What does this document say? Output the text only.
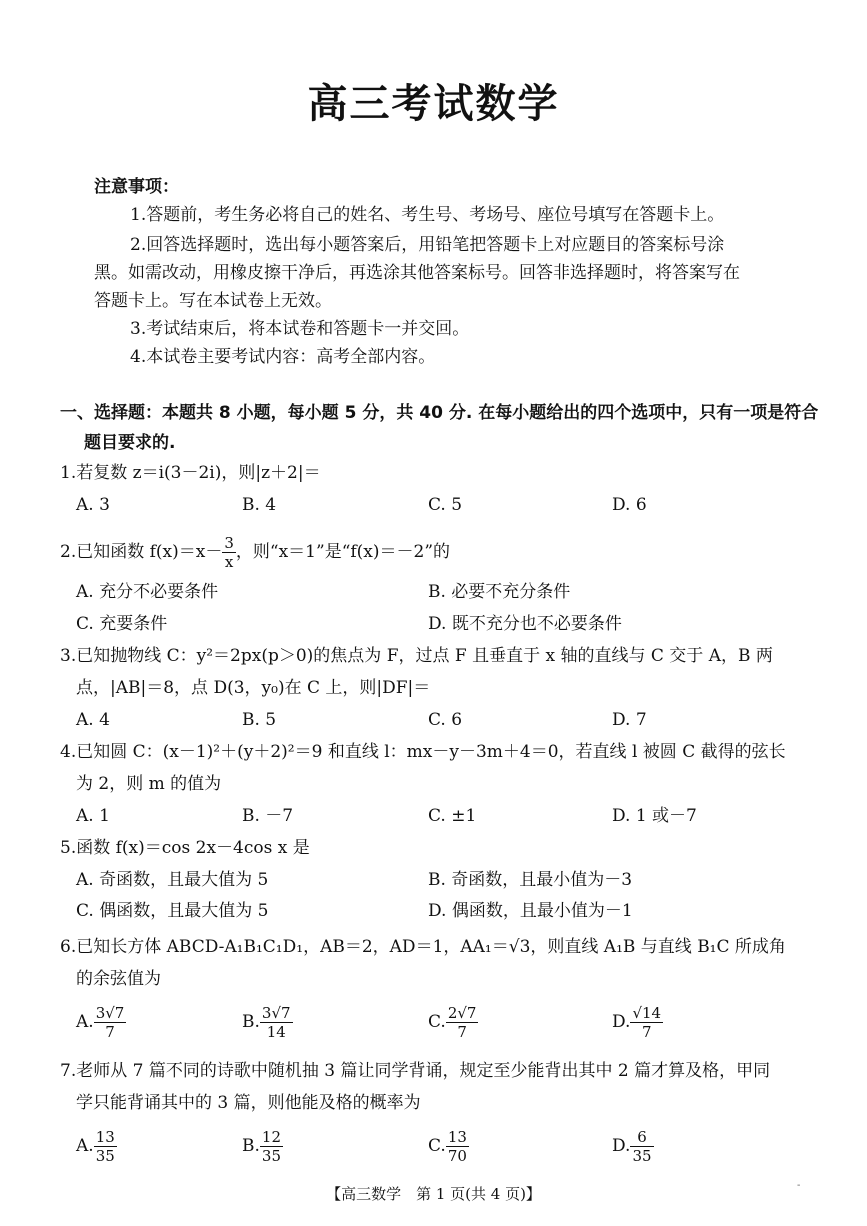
高三考试数学
注意事项：
1.答题前，考生务必将自己的姓名、考生号、考场号、座位号填写在答题卡上。
2.回答选择题时，选出每小题答案后，用铅笔把答题卡上对应题目的答案标号涂
黑。如需改动，用橡皮擦干净后，再选涂其他答案标号。回答非选择题时，将答案写在
答题卡上。写在本试卷上无效。
3.考试结束后，将本试卷和答题卡一并交回。
4.本试卷主要考试内容：高考全部内容。
一、选择题：本题共 8 小题，每小题 5 分，共 40 分. 在每小题给出的四个选项中，只有一项是符合
题目要求的.
1.若复数 z＝i(3－2i)，则|z＋2|＝
A. 3	B. 4	C. 5	D. 6
2.已知函数 $f(x)=x- \frac{3}{x}$ ，则“x＝1”是“f(x)＝－2”的
A. 充分不必要条件	B. 必要不充分条件
C. 充要条件	D. 既不充分也不必要条件
3.已知抛物线 C：y²＝2px(p＞0)的焦点为 F，过点 F 且垂直于 x 轴的直线与 C 交于 A，B 两
点，|AB|＝8，点 D(3，y₀)在 C 上，则|DF|＝
A. 4	B. 5	C. 6	D. 7
4.已知圆 C：(x－1)²＋(y＋2)²＝9 和直线 l：mx－y－3m＋4＝0，若直线 l 被圆 C 截得的弦长
为 2，则 m 的值为
A. 1	B. －7	C. ±1	D. 1 或－7
5.函数 f(x)＝cos 2x－4cos x 是
A. 奇函数，且最大值为 5	B. 奇函数，且最小值为－3
C. 偶函数，且最大值为 5	D. 偶函数，且最小值为－1
6.已知长方体 ABCD-A₁B₁C₁D₁，AB＝2，AD＝1，AA₁＝√3，则直线 A₁B 与直线 B₁C 所成角
的余弦值为
A. $\frac{3√7}{7}$	B. $\frac{3√7}{14}$	C. $\frac{2√7}{7}$	D. $\frac{√14}{7}$
7.老师从 7 篇不同的诗歌中随机抽 3 篇让同学背诵，规定至少能背出其中 2 篇才算及格，甲同
学只能背诵其中的 3 篇，则他能及格的概率为
A. $\frac{13}{35}$	B. $\frac{12}{35}$	C. $\frac{13}{70}$	D. $\frac{6}{35}$
【高三数学　第 1 页(共 4 页)】	-
